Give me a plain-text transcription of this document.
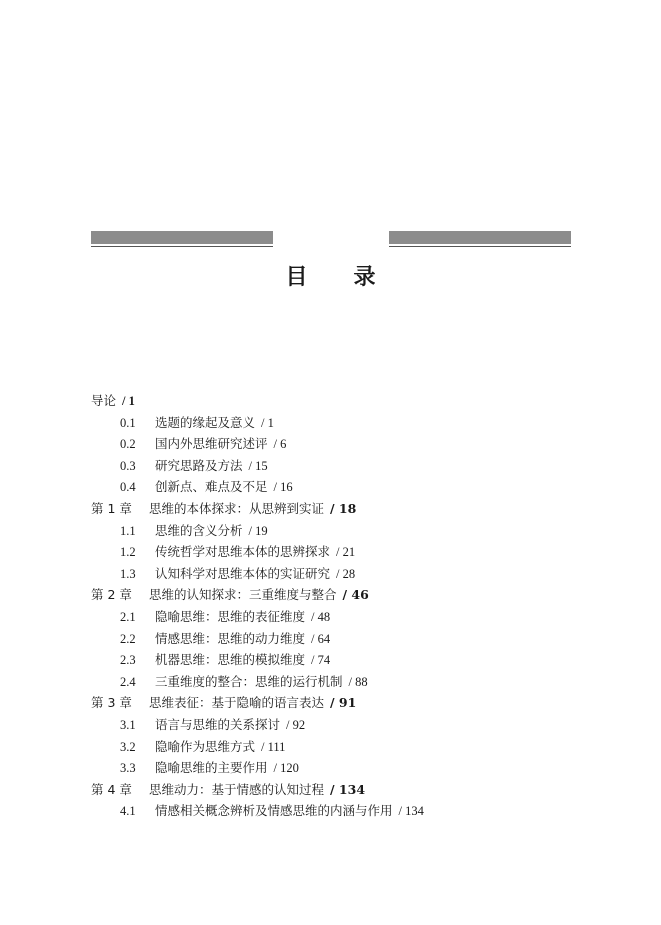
目 录
导论 / 1
0.1 选题的缘起及意义 / 1
0.2 国内外思维研究述评 / 6
0.3 研究思路及方法 / 15
0.4 创新点、难点及不足 / 16
第 1 章 思维的本体探求：从思辨到实证 / 18
1.1 思维的含义分析 / 19
1.2 传统哲学对思维本体的思辨探求 / 21
1.3 认知科学对思维本体的实证研究 / 28
第 2 章 思维的认知探求：三重维度与整合 / 46
2.1 隐喻思维：思维的表征维度 / 48
2.2 情感思维：思维的动力维度 / 64
2.3 机器思维：思维的模拟维度 / 74
2.4 三重维度的整合：思维的运行机制 / 88
第 3 章 思维表征：基于隐喻的语言表达 / 91
3.1 语言与思维的关系探讨 / 92
3.2 隐喻作为思维方式 / 111
3.3 隐喻思维的主要作用 / 120
第 4 章 思维动力：基于情感的认知过程 / 134
4.1 情感相关概念辨析及情感思维的内涵与作用 / 134
